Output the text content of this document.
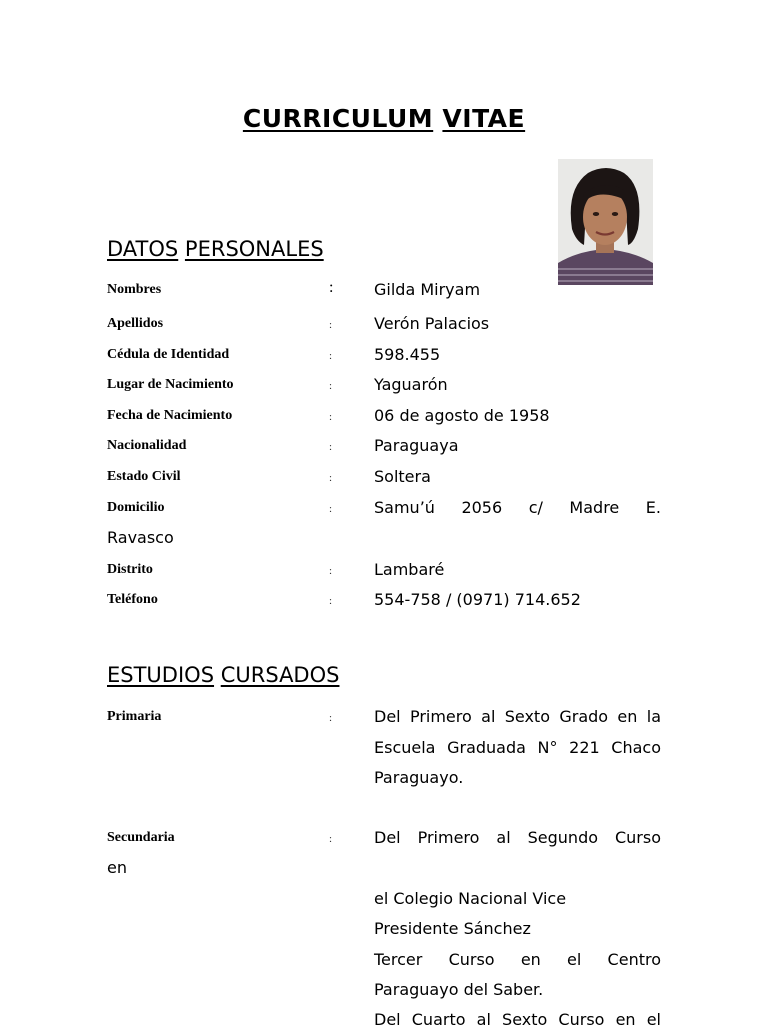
CURRICULUM VITAE
DATOS PERSONALES
Nombres	:	Gilda Miryam
Apellidos	:	Verón Palacios
Cédula de Identidad	:	598.455
Lugar de Nacimiento	:	Yaguarón
Fecha de Nacimiento	:	06 de agosto de 1958
Nacionalidad	:	Paraguaya
Estado Civil	:	Soltera
Domicilio	:	Samu’ú 2056 c/ Madre E.
Ravasco
Distrito	:	Lambaré
Teléfono	:	554-758 / (0971) 714.652
ESTUDIOS CURSADOS
Primaria	:	Del Primero al Sexto Grado en la
Escuela Graduada N° 221 Chaco
Paraguayo.
Secundaria	:	Del Primero al Segundo Curso
en
el Colegio Nacional Vice
Presidente Sánchez
Tercer Curso en el Centro
Paraguayo del Saber.
Del Cuarto al Sexto Curso en el
